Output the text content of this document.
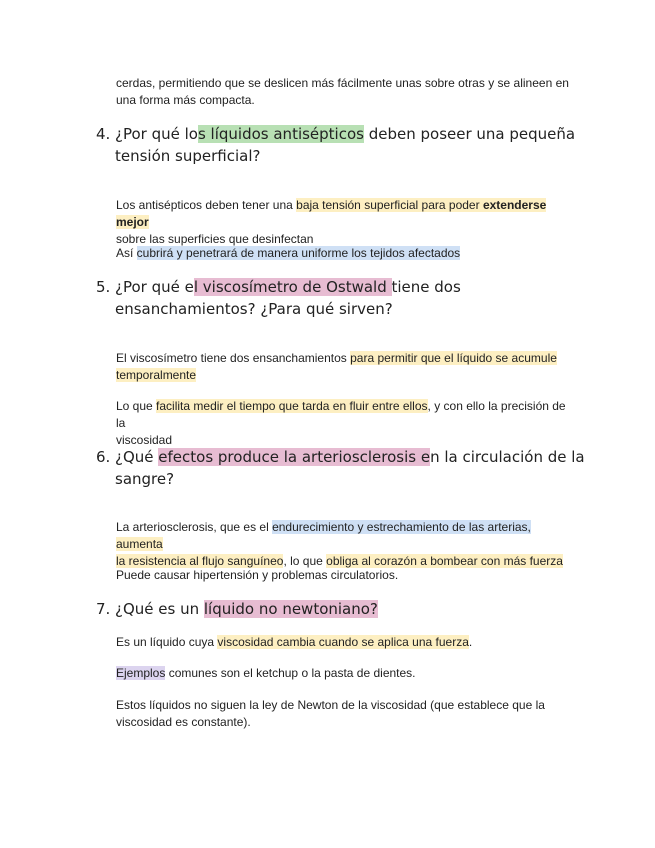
cerdas, permitiendo que se deslicen más fácilmente unas sobre otras y se alineen en
una forma más compacta.
4. ¿Por qué los líquidos antisépticos deben poseer una pequeña
tensión superficial?
Los antisépticos deben tener una baja tensión superficial para poder extenderse mejor
sobre las superficies que desinfectan
Así cubrirá y penetrará de manera uniforme los tejidos afectados
5. ¿Por qué el viscosímetro de Ostwald tiene dos
ensanchamientos? ¿Para qué sirven?
El viscosímetro tiene dos ensanchamientos para permitir que el líquido se acumule
temporalmente
Lo que facilita medir el tiempo que tarda en fluir entre ellos, y con ello la precisión de la
viscosidad
6. ¿Qué efectos produce la arteriosclerosis en la circulación de la
sangre?
La arteriosclerosis, que es el endurecimiento y estrechamiento de las arterias, aumenta
la resistencia al flujo sanguíneo, lo que obliga al corazón a bombear con más fuerza
Puede causar hipertensión y problemas circulatorios.
7. ¿Qué es un líquido no newtoniano?
Es un líquido cuya viscosidad cambia cuando se aplica una fuerza.
Ejemplos comunes son el ketchup o la pasta de dientes.
Estos líquidos no siguen la ley de Newton de la viscosidad (que establece que la
viscosidad es constante).
